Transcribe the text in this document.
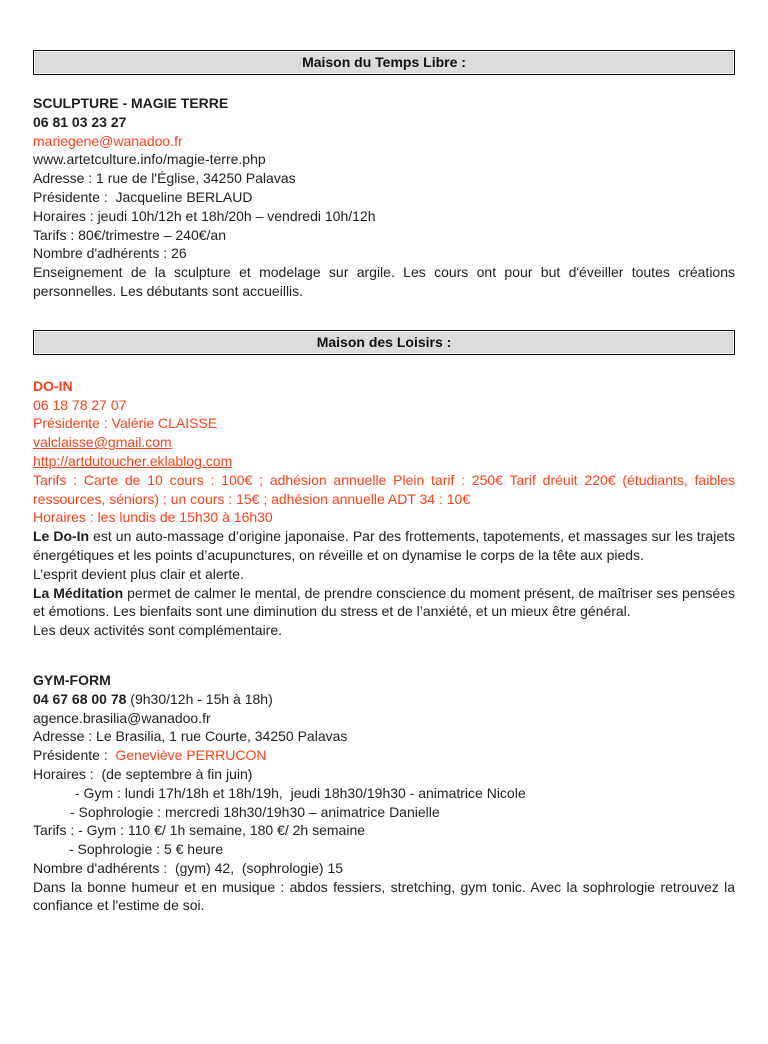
Maison du Temps Libre :
SCULPTURE - MAGIE TERRE
06 81 03 23 27
mariegene@wanadoo.fr
www.artetculture.info/magie-terre.php
Adresse : 1 rue de l'Église, 34250 Palavas
Présidente :  Jacqueline BERLAUD
Horaires : jeudi 10h/12h et 18h/20h – vendredi 10h/12h
Tarifs : 80€/trimestre – 240€/an
Nombre d'adhérents : 26
Enseignement de la sculpture et modelage sur argile. Les cours ont pour but d'éveiller toutes créations personnelles. Les débutants sont accueillis.
Maison des Loisirs :
DO-IN
06 18 78 27 07
Présidente : Valérie CLAISSE
valclaisse@gmail.com
http://artdutoucher.eklablog.com
Tarifs : Carte de 10 cours : 100€ ; adhésion annuelle Plein tarif : 250€ Tarif dréuit 220€ (étudiants, faibles ressources, séniors) ; un cours : 15€ ; adhésion annuelle ADT 34 : 10€
Horaires : les lundis de 15h30 à 16h30
Le Do-In est un auto-massage d’origine japonaise. Par des frottements, tapotements, et massages sur les trajets énergétiques et les points d’acupunctures, on réveille et on dynamise le corps de la tête aux pieds.
L’esprit devient plus clair et alerte.
La Méditation permet de calmer le mental, de prendre conscience du moment présent, de maîtriser ses pensées et émotions. Les bienfaits sont une diminution du stress et de l’anxiété, et un mieux être général.
Les deux activités sont complémentaire.
GYM-FORM
04 67 68 00 78 (9h30/12h - 15h à 18h)
agence.brasilia@wanadoo.fr
Adresse : Le Brasilia, 1 rue Courte, 34250 Palavas
Présidente :  Geneviève PERRUCON
Horaires :  (de septembre à fin juin)
- Gym : lundi 17h/18h et 18h/19h,  jeudi 18h30/19h30 - animatrice Nicole
- Sophrologie : mercredi 18h30/19h30 – animatrice Danielle
Tarifs : - Gym : 110 €/ 1h semaine, 180 €/ 2h semaine
- Sophrologie : 5 € heure
Nombre d'adhérents :  (gym) 42,  (sophrologie) 15
Dans la bonne humeur et en musique : abdos fessiers, stretching, gym tonic. Avec la sophrologie retrouvez la confiance et l'estime de soi.
